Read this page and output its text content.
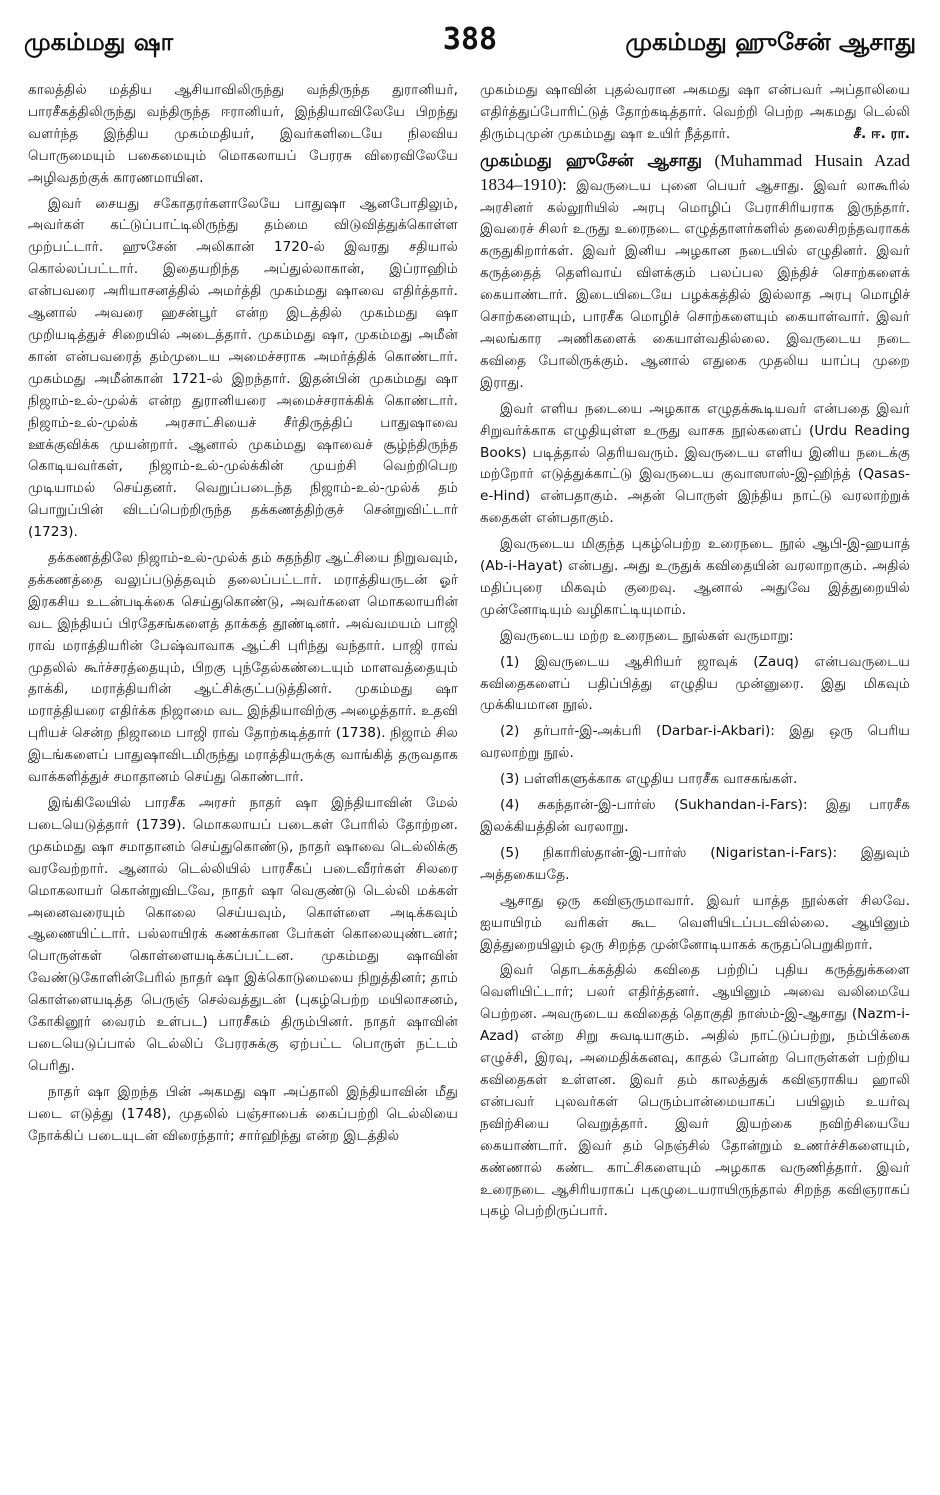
முகம்மது ஷா	388	முகம்மது ஹுசேன் ஆசாது

காலத்தில் மத்திய ஆசியாவிலிருந்து வந்திருந்த துரானியர், பாரசீகத்திலிருந்து வந்திருந்த ஈரானியர், இந்தியாவிலேயே பிறந்து வளர்ந்த இந்திய முகம்மதியர், இவர்களிடையே நிலவிய பொருமையும் பகைமையும் மொகலாயப் பேரரசு விரைவிலேயே அழிவதற்குக் காரணமாயின.

இவர் சையது சகோதரர்களாலேயே பாதுஷா ஆனபோதிலும், அவர்கள் கட்டுப்பாட்டிலிருந்து தம்மை விடுவித்துக்கொள்ள முற்பட்டார். ஹுசேன் அலிகான் 1720-ல் இவரது சதியால் கொல்லப்பட்டார். இதையறிந்த அப்துல்லாகான், இப்ராஹிம் என்பவரை அரியாசனத்தில் அமர்த்தி முகம்மது ஷாவை எதிர்த்தார். ஆனால் அவரை ஹசன்பூர் என்ற இடத்தில் முகம்மது ஷா முறியடித்துச் சிறையில் அடைத்தார். முகம்மது ஷா, முகம்மது அமீன் கான் என்பவரைத் தம்முடைய அமைச்சராக அமர்த்திக் கொண்டார். முகம்மது அமீன்கான் 1721-ல் இறந்தார். இதன்பின் முகம்மது ஷா நிஜாம்-உல்-முல்க் என்ற துரானியரை அமைச்சராக்கிக் கொண்டார். நிஜாம்-உல்-முல்க் அரசாட்சியைச் சீர்திருத்திப் பாதுஷாவை ஊக்குவிக்க முயன்றார். ஆனால் முகம்மது ஷாவைச் சூழ்ந்திருந்த கொடியவர்கள், நிஜாம்-உல்-முல்க்கின் முயற்சி வெற்றிபெற முடியாமல் செய்தனர். வெறுப்படைந்த நிஜாம்-உல்-முல்க் தம் பொறுப்பின் விடப்பெற்றிருந்த தக்கணத்திற்குச் சென்றுவிட்டார் (1723).

தக்கணத்திலே நிஜாம்-உல்-முல்க் தம் சுதந்திர ஆட்சியை நிறுவவும், தக்கணத்தை வலுப்படுத்தவும் தலைப்பட்டார். மராத்தியருடன் ஓர் இரகசிய உடன்படிக்கை செய்துகொண்டு, அவர்களை மொகலாயரின் வட இந்தியப் பிரதேசங்களைத் தாக்கத் தூண்டினர். அவ்வமயம் பாஜி ராவ் மராத்தியரின் பேஷ்வாவாக ஆட்சி புரிந்து வந்தார். பாஜி ராவ் முதலில் கூர்ச்சரத்தையும், பிறகு புந்தேல்கண்டையும் மாளவத்தையும் தாக்கி, மராத்தியரின் ஆட்சிக்குட்படுத்தினர். முகம்மது ஷா மராத்தியரை எதிர்க்க நிஜாமை வட இந்தியாவிற்கு அழைத்தார். உதவி புரியச் சென்ற நிஜாமை பாஜி ராவ் தோற்கடித்தார் (1738). நிஜாம் சில இடங்களைப் பாதுஷாவிடமிருந்து மராத்தியருக்கு வாங்கித் தருவதாக வாக்களித்துச் சமாதானம் செய்து கொண்டார்.

இங்கிலேயில் பாரசீக அரசர் நாதர் ஷா இந்தியாவின் மேல் படையெடுத்தார் (1739). மொகலாயப் படைகள் போரில் தோற்றன. முகம்மது ஷா சமாதானம் செய்துகொண்டு, நாதர் ஷாவை டெல்லிக்கு வரவேற்றார். ஆனால் டெல்லியில் பாரசீகப் படைவீரர்கள் சிலரை மொகலாயர் கொன்றுவிடவே, நாதர் ஷா வெகுண்டு டெல்லி மக்கள் அனைவரையும் கொலை செய்யவும், கொள்ளை அடிக்கவும் ஆணையிட்டார். பல்லாயிரக் கணக்கான பேர்கள் கொலையுண்டனர்; பொருள்கள் கொள்ளையடிக்கப்பட்டன. முகம்மது ஷாவின் வேண்டுகோளின்பேரில் நாதர் ஷா இக்கொடுமையை நிறுத்தினர்; தாம் கொள்ளையடித்த பெருஞ் செல்வத்துடன் (புகழ்பெற்ற மயிலாசனம், கோகினூர் வைரம் உள்பட) பாரசீகம் திரும்பினர். நாதர் ஷாவின் படையெடுப்பால் டெல்லிப் பேரரசுக்கு ஏற்பட்ட பொருள் நட்டம் பெரிது.

நாதர் ஷா இறந்த பின் அகமது ஷா அப்தாலி இந்தியாவின் மீது படை எடுத்து (1748), முதலில் பஞ்சாபைக் கைப்பற்றி டெல்லியை நோக்கிப் படையுடன் விரைந்தார்; சார்ஹிந்து என்ற இடத்தில்

முகம்மது ஷாவின் புதல்வரான அகமது ஷா என்பவர் அப்தாலியை எதிர்த்துப்போரிட்டுத் தோற்கடித்தார். வெற்றி பெற்ற அகமது டெல்லி திரும்புமுன் முகம்மது ஷா உயிர் நீத்தார்.	சீ. ஈ. ரா.

முகம்மது ஹுசேன் ஆசாது (Muhammad Husain Azad 1834–1910): இவருடைய புனை பெயர் ஆசாது. இவர் லாகூரில் அரசினர் கல்லூரியில் அரபு மொழிப் பேராசிரியராக இருந்தார். இவரைச் சிலர் உருது உரைநடை எழுத்தாளர்களில் தலைசிறந்தவராகக் கருதுகிறார்கள். இவர் இனிய அழகான நடையில் எழுதினர். இவர் கருத்தைத் தெளிவாய் விளக்கும் பலப்பல இந்திச் சொற்களைக் கையாண்டார். இடையிடையே பழக்கத்தில் இல்லாத அரபு மொழிச் சொற்களையும், பாரசீக மொழிச் சொற்களையும் கையாள்வார். இவர் அலங்கார அணிகளைக் கையாள்வதில்லை. இவருடைய நடை கவிதை போலிருக்கும். ஆனால் எதுகை முதலிய யாப்பு முறை இராது.

இவர் எளிய நடையை அழகாக எழுதக்கூடியவர் என்பதை இவர் சிறுவர்க்காக எழுதியுள்ள உருது வாசக நூல்களைப் (Urdu Reading Books) படித்தால் தெரியவரும். இவருடைய எளிய இனிய நடைக்கு மற்றோர் எடுத்துக்காட்டு இவருடைய குவாஸாஸ்-இ-ஹிந்த் (Qasas-e-Hind) என்பதாகும். அதன் பொருள் இந்திய நாட்டு வரலாற்றுக் கதைகள் என்பதாகும்.

இவருடைய மிகுந்த புகழ்பெற்ற உரைநடை நூல் ஆபி-இ-ஹயாத் (Ab-i-Hayat) என்பது. அது உருதுக் கவிதையின் வரலாறாகும். அதில் மதிப்புரை மிகவும் குறைவு. ஆனால் அதுவே இத்துறையில் முன்னோடியும் வழிகாட்டியுமாம்.

இவருடைய மற்ற உரைநடை நூல்கள் வருமாறு:

(1) இவருடைய ஆசிரியர் ஜாவுக் (Zauq) என்பவருடைய கவிதைகளைப் பதிப்பித்து எழுதிய முன்னுரை. இது மிகவும் முக்கியமான நூல்.

(2) தர்பார்-இ-அக்பரி (Darbar-i-Akbari): இது ஒரு பெரிய வரலாற்று நூல்.

(3) பள்ளிகளுக்காக எழுதிய பாரசீக வாசகங்கள்.

(4) சுகந்தான்-இ-பார்ஸ் (Sukhandan-i-Fars): இது பாரசீக இலக்கியத்தின் வரலாறு.

(5) நிகாரிஸ்தான்-இ-பார்ஸ் (Nigaristan-i-Fars): இதுவும் அத்தகையதே.

ஆசாது ஒரு கவிஞருமாவார். இவர் யாத்த நூல்கள் சிலவே. ஐயாயிரம் வரிகள் கூட வெளியிடப்படவில்லை. ஆயினும் இத்துறையிலும் ஒரு சிறந்த முன்னோடியாகக் கருதப்பெறுகிறார்.

இவர் தொடக்கத்தில் கவிதை பற்றிப் புதிய கருத்துக்களை வெளியிட்டார்; பலர் எதிர்த்தனர். ஆயினும் அவை வலிமையே பெற்றன. அவருடைய கவிதைத் தொகுதி நாஸ்ம்-இ-ஆசாது (Nazm-i-Azad) என்ற சிறு சுவடியாகும். அதில் நாட்டுப்பற்று, நம்பிக்கை எழுச்சி, இரவு, அமைதிக்கனவு, காதல் போன்ற பொருள்கள் பற்றிய கவிதைகள் உள்ளன. இவர் தம் காலத்துக் கவிஞராகிய ஹாலி என்பவர் புலவர்கள் பெரும்பான்மையாகப் பயிலும் உயர்வு நவிற்சியை வெறுத்தார். இவர் இயற்கை நவிற்சியையே கையாண்டார். இவர் தம் நெஞ்சில் தோன்றும் உணர்ச்சிகளையும், கண்ணால் கண்ட காட்சிகளையும் அழகாக வருணித்தார். இவர் உரைநடை ஆசிரியராகப் புகழுடையராயிருந்தால் சிறந்த கவிஞராகப் புகழ் பெற்றிருப்பார்.
